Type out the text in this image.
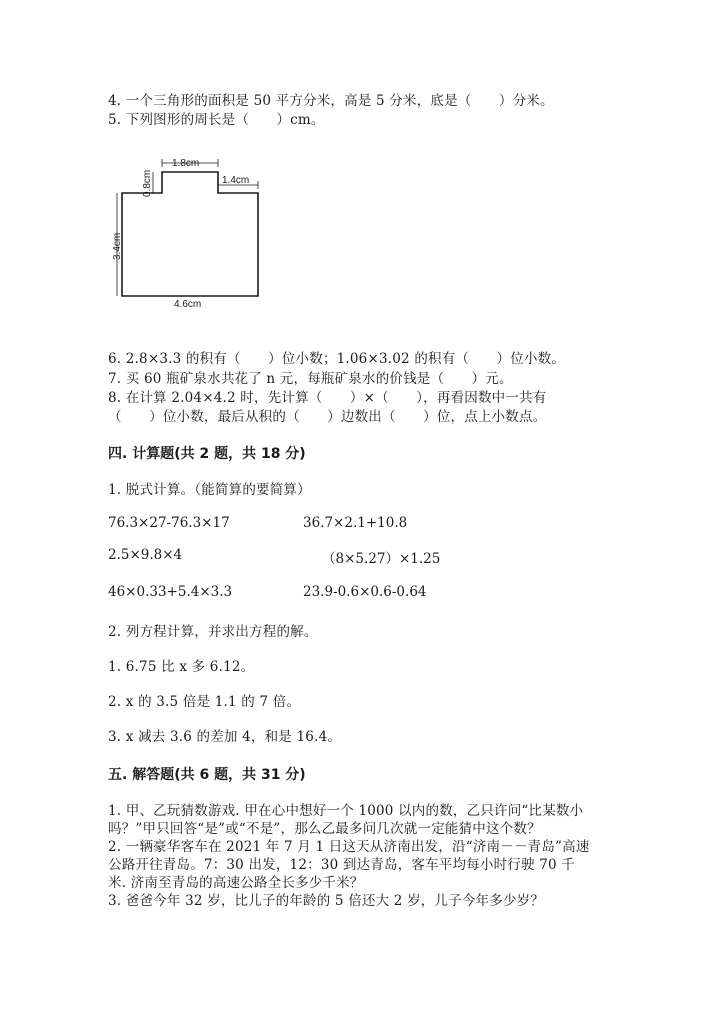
4. 一个三角形的面积是 50 平方分米，高是 5 分米，底是（　　）分米。
5. 下列图形的周长是（　　）cm。
1.8cm
0.8cm	1.4cm
3.4cm
4.6cm
6. 2.8×3.3 的积有（　　）位小数；1.06×3.02 的积有（　　）位小数。
7. 买 60 瓶矿泉水共花了 n 元，每瓶矿泉水的价钱是（　　）元。
8. 在计算 2.04×4.2 时，先计算（　　）×（　　），再看因数中一共有
（　　）位小数，最后从积的（　　）边数出（　　）位，点上小数点。
四. 计算题(共 2 题，共 18 分)
1. 脱式计算。（能简算的要简算）
76.3×27-76.3×17	36.7×2.1+10.8
2.5×9.8×4	（8×5.27）×1.25
46×0.33+5.4×3.3	23.9-0.6×0.6-0.64
2. 列方程计算，并求出方程的解。
1. 6.75 比 x 多 6.12。
2. x 的 3.5 倍是 1.1 的 7 倍。
3. x 减去 3.6 的差加 4，和是 16.4。
五. 解答题(共 6 题，共 31 分)
1. 甲、乙玩猜数游戏. 甲在心中想好一个 1000 以内的数，乙只许问“比某数小
吗？”甲只回答“是”或“不是”，那么乙最多问几次就一定能猜中这个数？
2. 一辆豪华客车在 2021 年 7 月 1 日这天从济南出发，沿“济南－－青岛”高速
公路开往青岛。7：30 出发，12：30 到达青岛，客车平均每小时行驶 70 千
米. 济南至青岛的高速公路全长多少千米？
3. 爸爸今年 32 岁，比儿子的年龄的 5 倍还大 2 岁，儿子今年多少岁？
